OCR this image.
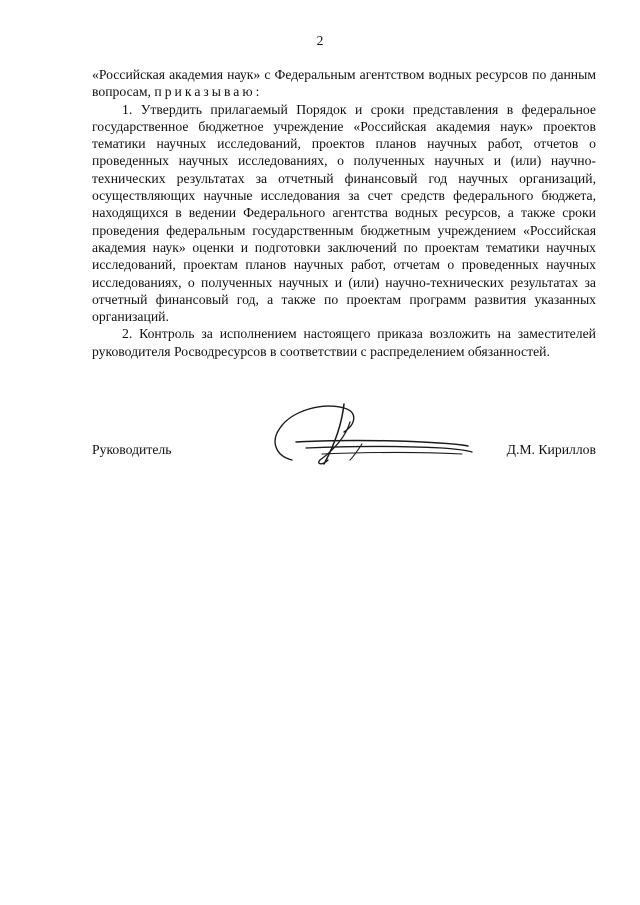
2

«Российская академия наук» с Федеральным агентством водных ресурсов по данным вопросам, приказываю:

1. Утвердить прилагаемый Порядок и сроки представления в федеральное государственное бюджетное учреждение «Российская академия наук» проектов тематики научных исследований, проектов планов научных работ, отчетов о проведенных научных исследованиях, о полученных научных и (или) научно-технических результатах за отчетный финансовый год научных организаций, осуществляющих научные исследования за счет средств федерального бюджета, находящихся в ведении Федерального агентства водных ресурсов, а также сроки проведения федеральным государственным бюджетным учреждением «Российская академия наук» оценки и подготовки заключений по проектам тематики научных исследований, проектам планов научных работ, отчетам о проведенных научных исследованиях, о полученных научных и (или) научно-технических результатах за отчетный финансовый год, а также по проектам программ развития указанных организаций.

2. Контроль за исполнением настоящего приказа возложить на заместителей руководителя Росводресурсов в соответствии с распределением обязанностей.

Руководитель	Д.М. Кириллов
